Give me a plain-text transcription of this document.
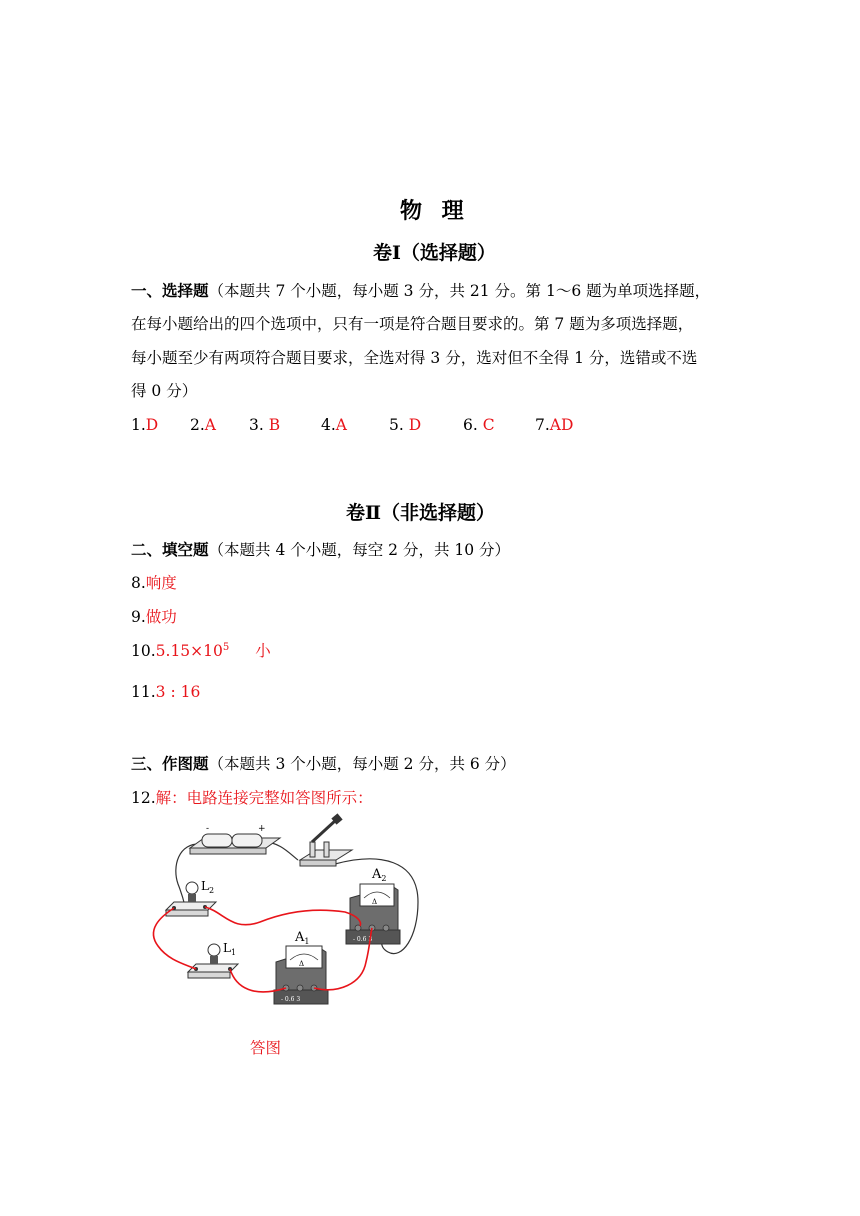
物 理
卷Ⅰ（选择题）
一、选择题（本题共 7 个小题，每小题 3 分，共 21 分。第 1～6 题为单项选择题，
在每小题给出的四个选项中，只有一项是符合题目要求的。第 7 题为多项选择题，
每小题至少有两项符合题目要求，全选对得 3 分，选对但不全得 1 分，选错或不选
得 0 分）
1.D 2.A 3. B	4.A	5. D	6. C	7.AD
卷Ⅱ（非选择题）
二、填空题（本题共 4 个小题，每空 2 分，共 10 分）
8.响度
9.做功
$10.5.15\times 10^5$ 小
11.3 : 16
三、作图题（本题共 3 个小题，每小题 2 分，共 6 分）
12.解：电路连接完整如答图所示：
-	+
$L_2$
$L_1$
Δ
- 0.6 3
$A_1$
Δ
- 0.6 3
$A_2$
答图
